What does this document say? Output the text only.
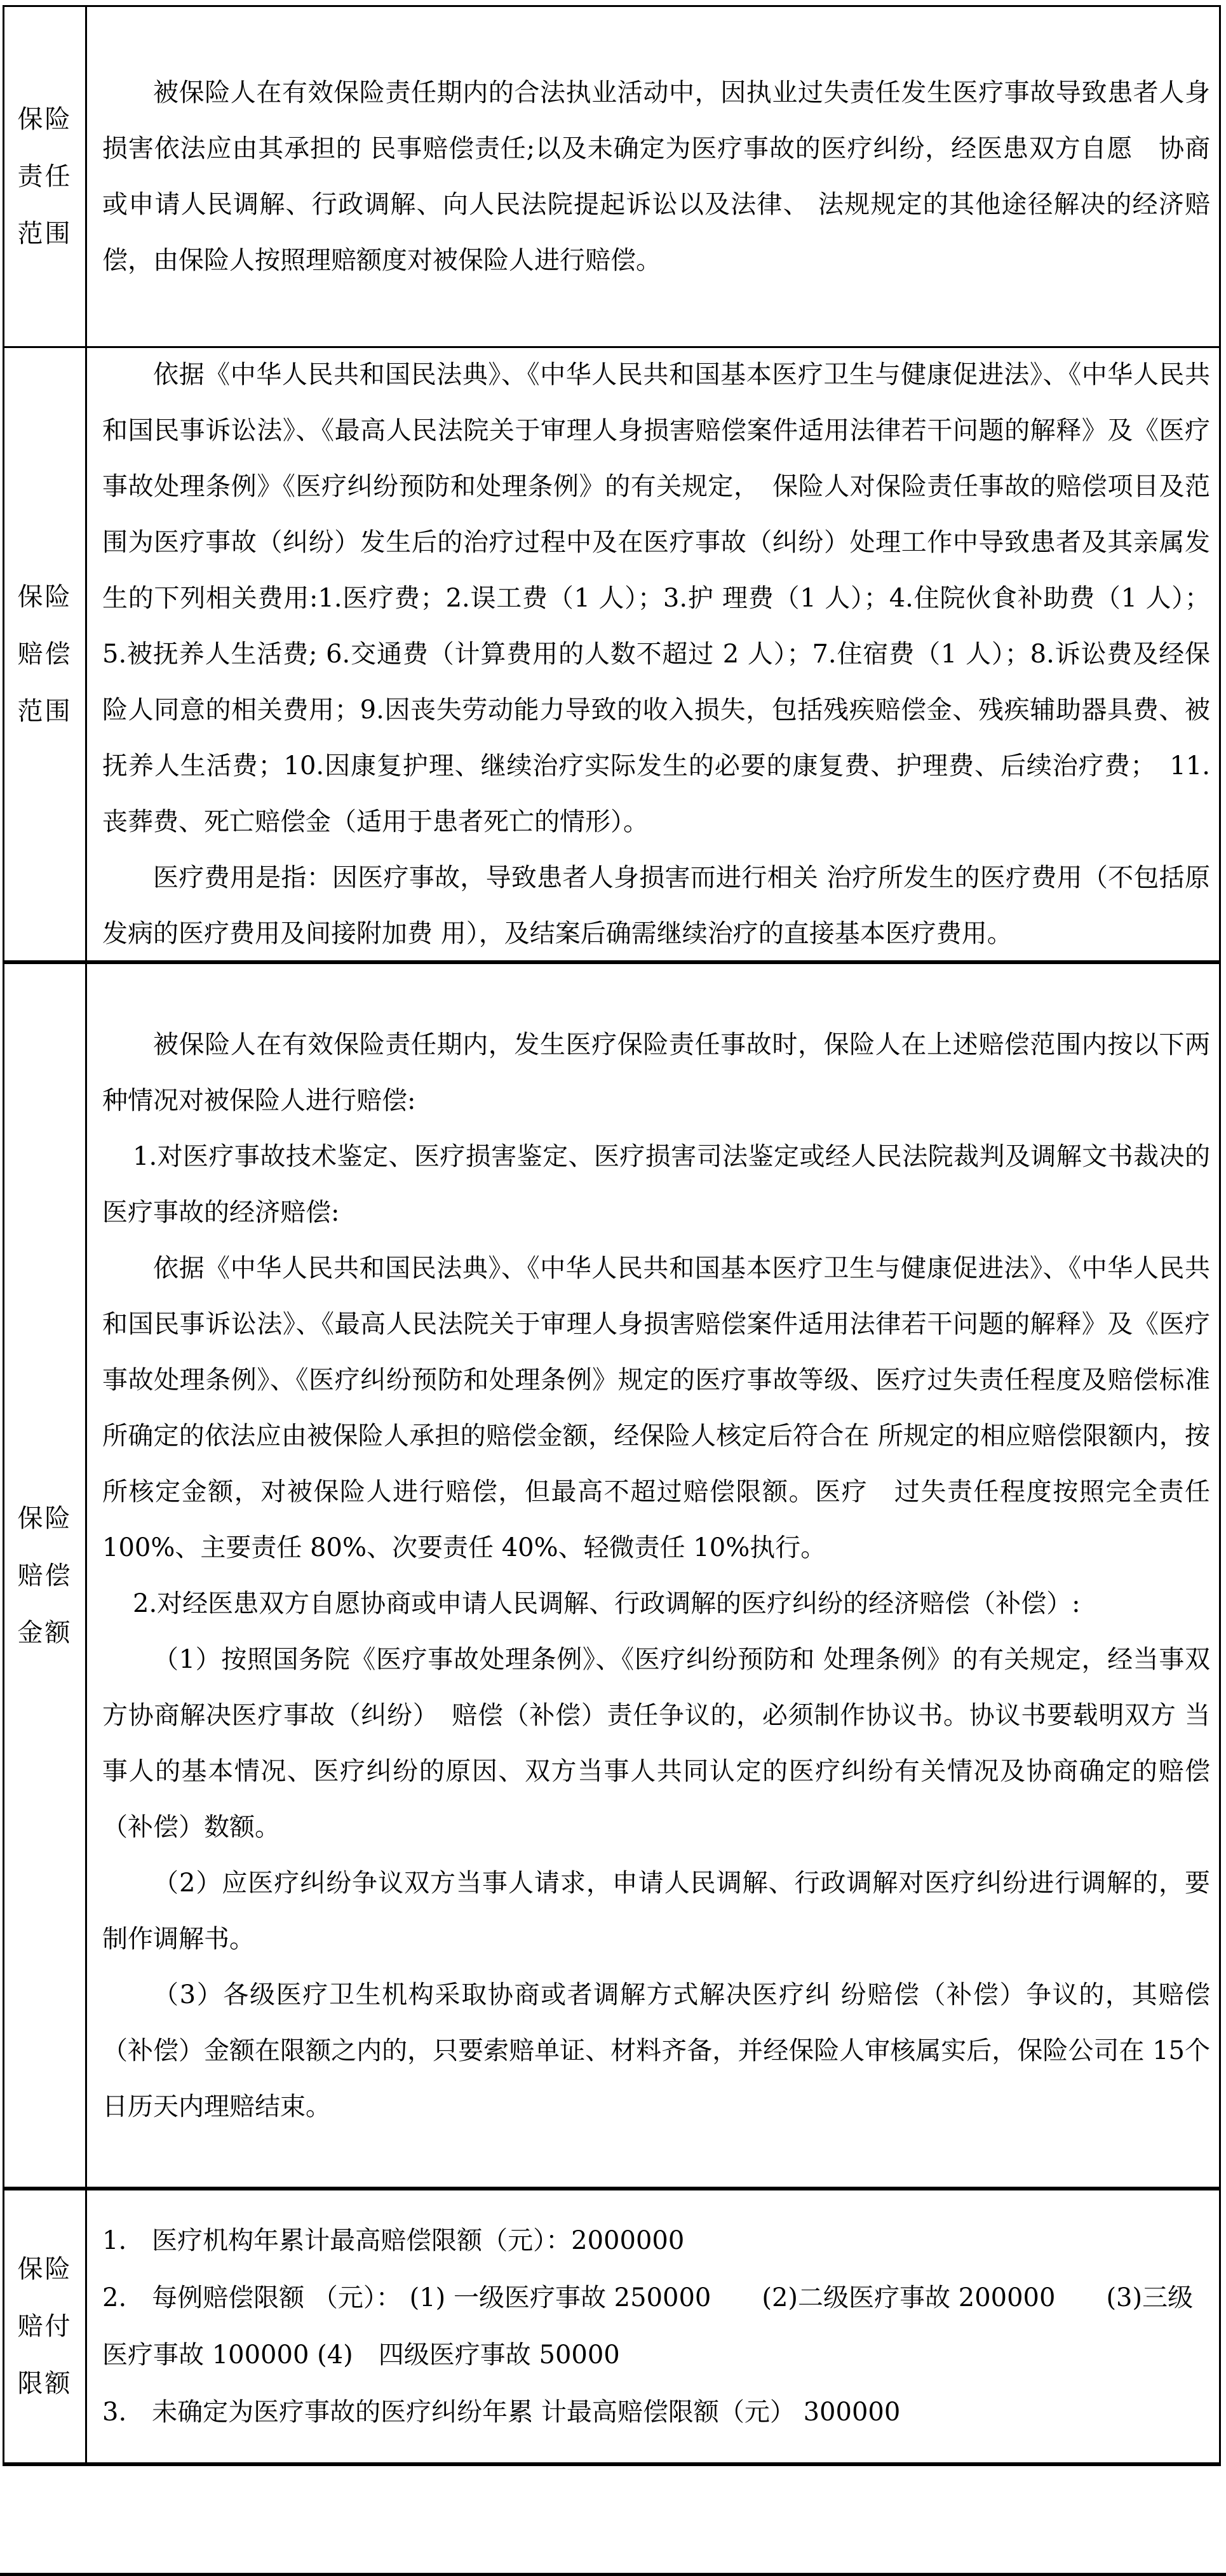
保险
责任
范围

被保险人在有效保险责任期内的合法执业活动中，因执业过失责任发生医疗事故导致患者人身损害依法应由其承担的 民事赔偿责任;以及未确定为医疗事故的医疗纠纷，经医患双方自愿　协商或申请人民调解、行政调解、向人民法院提起诉讼以及法律、 法规规定的其他途径解决的经济赔偿，由保险人按照理赔额度对被保险人进行赔偿。

保险
赔偿
范围

依据《中华人民共和国民法典》、《中华人民共和国基本医疗卫生与健康促进法》、《中华人民共和国民事诉讼法》、《最高人民法院关于审理人身损害赔偿案件适用法律若干问题的解释》及《医疗事故处理条例》《医疗纠纷预防和处理条例》的有关规定，　保险人对保险责任事故的赔偿项目及范围为医疗事故（纠纷）发生后的治疗过程中及在医疗事故（纠纷）处理工作中导致患者及其亲属发生的下列相关费用:1.医疗费；2.误工费（1 人）；3.护 理费（1 人）；4.住院伙食补助费（1 人）；5.被抚养人生活费; 6.交通费（计算费用的人数不超过 2 人）；7.住宿费（1 人）；8.诉讼费及经保险人同意的相关费用；9.因丧失劳动能力导致的收入损失，包括残疾赔偿金、残疾辅助器具费、被抚养人生活费；10.因康复护理、继续治疗实际发生的必要的康复费、护理费、后续治疗费；　11.丧葬费、死亡赔偿金（适用于患者死亡的情形）。

医疗费用是指：因医疗事故，导致患者人身损害而进行相关 治疗所发生的医疗费用（不包括原发病的医疗费用及间接附加费 用），及结案后确需继续治疗的直接基本医疗费用。

保险
赔偿
金额

被保险人在有效保险责任期内，发生医疗保险责任事故时，保险人在上述赔偿范围内按以下两种情况对被保险人进行赔偿:

1.对医疗事故技术鉴定、医疗损害鉴定、医疗损害司法鉴定或经人民法院裁判及调解文书裁决的医疗事故的经济赔偿:

依据《中华人民共和国民法典》、《中华人民共和国基本医疗卫生与健康促进法》、《中华人民共和国民事诉讼法》、《最高人民法院关于审理人身损害赔偿案件适用法律若干问题的解释》及《医疗事故处理条例》、《医疗纠纷预防和处理条例》规定的医疗事故等级、医疗过失责任程度及赔偿标准所确定的依法应由被保险人承担的赔偿金额，经保险人核定后符合在 所规定的相应赔偿限额内，按所核定金额，对被保险人进行赔偿，但最高不超过赔偿限额。医疗　过失责任程度按照完全责任 100%、主要责任 80%、次要责任 40%、轻微责任 10%执行。

2.对经医患双方自愿协商或申请人民调解、行政调解的医疗纠纷的经济赔偿（补偿）:

（1）按照国务院《医疗事故处理条例》、《医疗纠纷预防和 处理条例》的有关规定，经当事双方协商解决医疗事故（纠纷）　赔偿（补偿）责任争议的，必须制作协议书。协议书要载明双方 当事人的基本情况、医疗纠纷的原因、双方当事人共同认定的医疗纠纷有关情况及协商确定的赔偿（补偿）数额。

（2）应医疗纠纷争议双方当事人请求，申请人民调解、行政调解对医疗纠纷进行调解的，要制作调解书。

（3）各级医疗卫生机构采取协商或者调解方式解决医疗纠 纷赔偿（补偿）争议的，其赔偿（补偿）金额在限额之内的，只要索赔单证、材料齐备，并经保险人审核属实后，保险公司在 15个日历天内理赔结束。

保险
赔付
限额

1.　医疗机构年累计最高赔偿限额（元）：2000000

2.　每例赔偿限额 （元）： (1) 一级医疗事故 250000　　(2)二级医疗事故 200000　　(3)三级医疗事故 100000 (4)　四级医疗事故 50000

3.　未确定为医疗事故的医疗纠纷年累 计最高赔偿限额（元） 300000
